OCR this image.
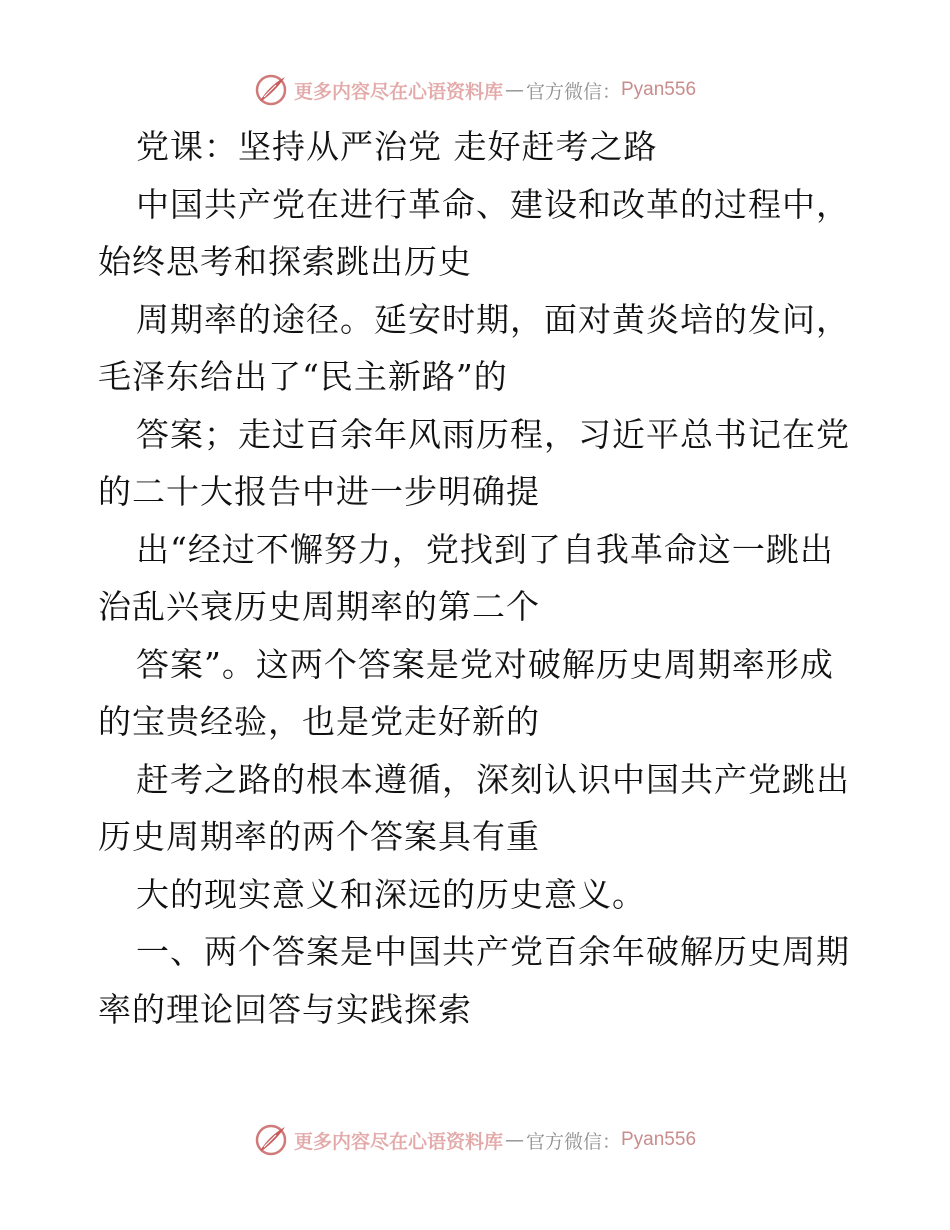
更多内容尽在心语资料库 — 官方微信： Pyan556
党课：坚持从严治党 走好赶考之路
中国共产党在进行革命、建设和改革的过程中，
始终思考和探索跳出历史
周期率的途径。延安时期，面对黄炎培的发问，
毛泽东给出了“民主新路”的
答案；走过百余年风雨历程，习近平总书记在党
的二十大报告中进一步明确提
出“经过不懈努力，党找到了自我革命这一跳出
治乱兴衰历史周期率的第二个
答案”。这两个答案是党对破解历史周期率形成
的宝贵经验，也是党走好新的
赶考之路的根本遵循，深刻认识中国共产党跳出
历史周期率的两个答案具有重
大的现实意义和深远的历史意义。
一、两个答案是中国共产党百余年破解历史周期
率的理论回答与实践探索
更多内容尽在心语资料库 — 官方微信： Pyan556
